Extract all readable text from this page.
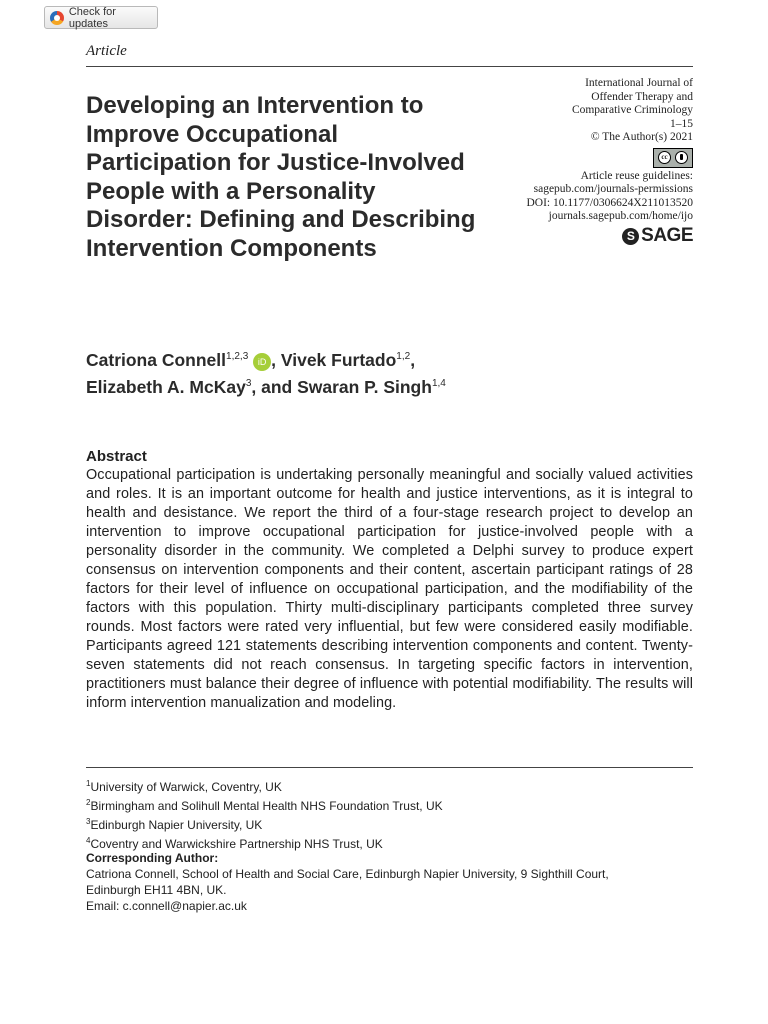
Check for updates
Article
Developing an Intervention to Improve Occupational Participation for Justice-Involved People with a Personality Disorder: Defining and Describing Intervention Components
International Journal of
Offender Therapy and
Comparative Criminology
1–15
© The Author(s) 2021
cc
Article reuse guidelines:
sagepub.com/journals-permissions
DOI: 10.1177/0306624X211013520
journals.sagepub.com/home/ijo
S SAGE
Catriona Connell$^{1,2,3}$ iD , Vivek Furtado$^{1,2}$,
Elizabeth A. McKay$^3$, and Swaran P. Singh$^{1,4}$
Abstract

Occupational participation is undertaking personally meaningful and socially valued activities and roles. It is an important outcome for health and justice interventions, as it is integral to health and desistance. We report the third of a four-stage research project to develop an intervention to improve occupational participation for justice-involved people with a personality disorder in the community. We completed a Delphi survey to produce expert consensus on intervention components and their content, ascertain participant ratings of 28 factors for their level of influence on occupational participation, and the modifiability of the factors with this population. Thirty multi-disciplinary participants completed three survey rounds. Most factors were rated very influential, but few were considered easily modifiable. Participants agreed 121 statements describing intervention components and content. Twenty-seven statements did not reach consensus. In targeting specific factors in intervention, practitioners must balance their degree of influence with potential modifiability. The results will inform intervention manualization and modeling.

$^1$University of Warwick, Coventry, UK
$^2$Birmingham and Solihull Mental Health NHS Foundation Trust, UK
$^3$Edinburgh Napier University, UK
$^4$Coventry and Warwickshire Partnership NHS Trust, UK
Corresponding Author:
Catriona Connell, School of Health and Social Care, Edinburgh Napier University, 9 Sighthill Court,
Edinburgh EH11 4BN, UK.
Email: c.connell@napier.ac.uk
